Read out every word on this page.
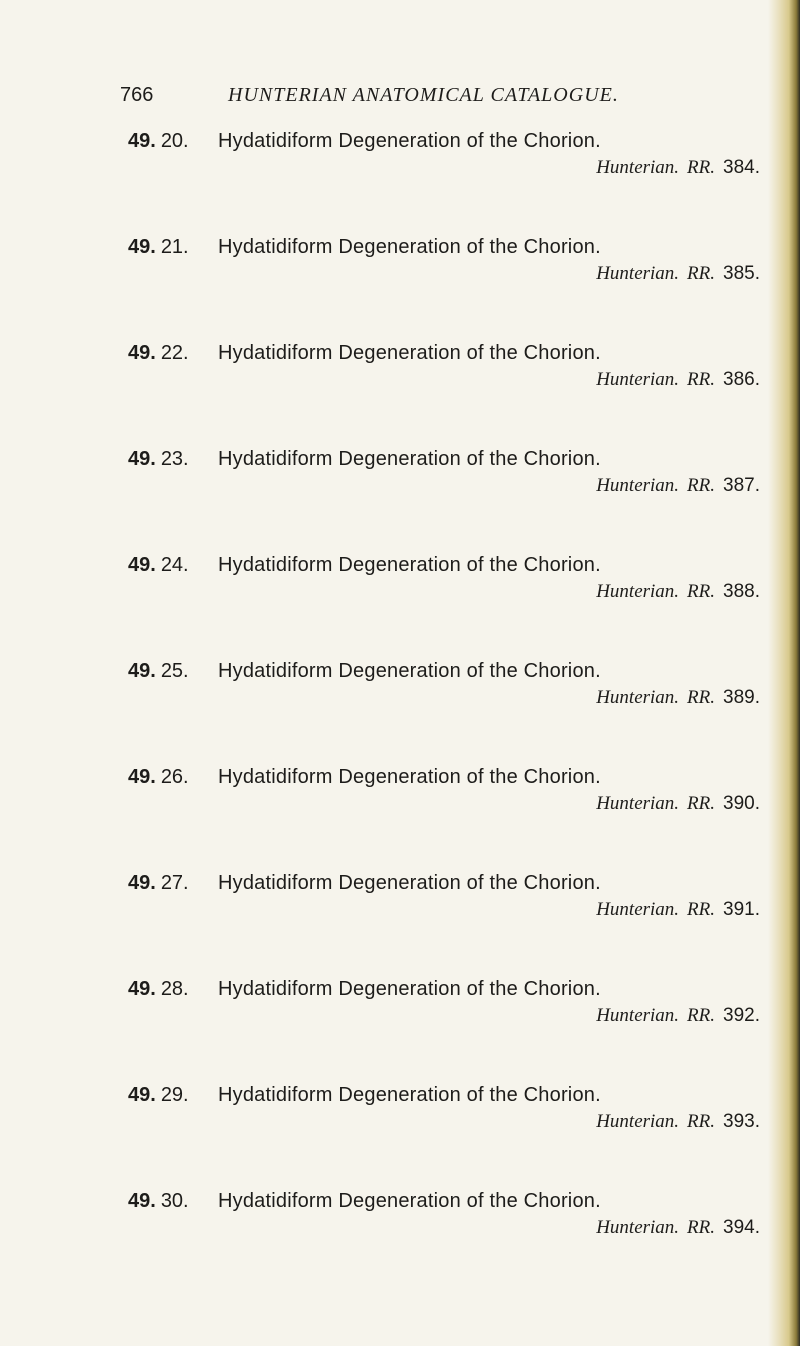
766	HUNTERIAN ANATOMICAL CATALOGUE.
49. 20. Hydatidiform Degeneration of the Chorion.
Hunterian. RR. 384.
49. 21. Hydatidiform Degeneration of the Chorion.
Hunterian. RR. 385.
49. 22. Hydatidiform Degeneration of the Chorion.
Hunterian. RR. 386.
49. 23. Hydatidiform Degeneration of the Chorion.
Hunterian. RR. 387.
49. 24. Hydatidiform Degeneration of the Chorion.
Hunterian. RR. 388.
49. 25. Hydatidiform Degeneration of the Chorion.
Hunterian. RR. 389.
49. 26. Hydatidiform Degeneration of the Chorion.
Hunterian. RR. 390.
49. 27. Hydatidiform Degeneration of the Chorion.
Hunterian. RR. 391.
49. 28. Hydatidiform Degeneration of the Chorion.
Hunterian. RR. 392.
49. 29. Hydatidiform Degeneration of the Chorion.
Hunterian. RR. 393.
49. 30. Hydatidiform Degeneration of the Chorion.
Hunterian. RR. 394.
